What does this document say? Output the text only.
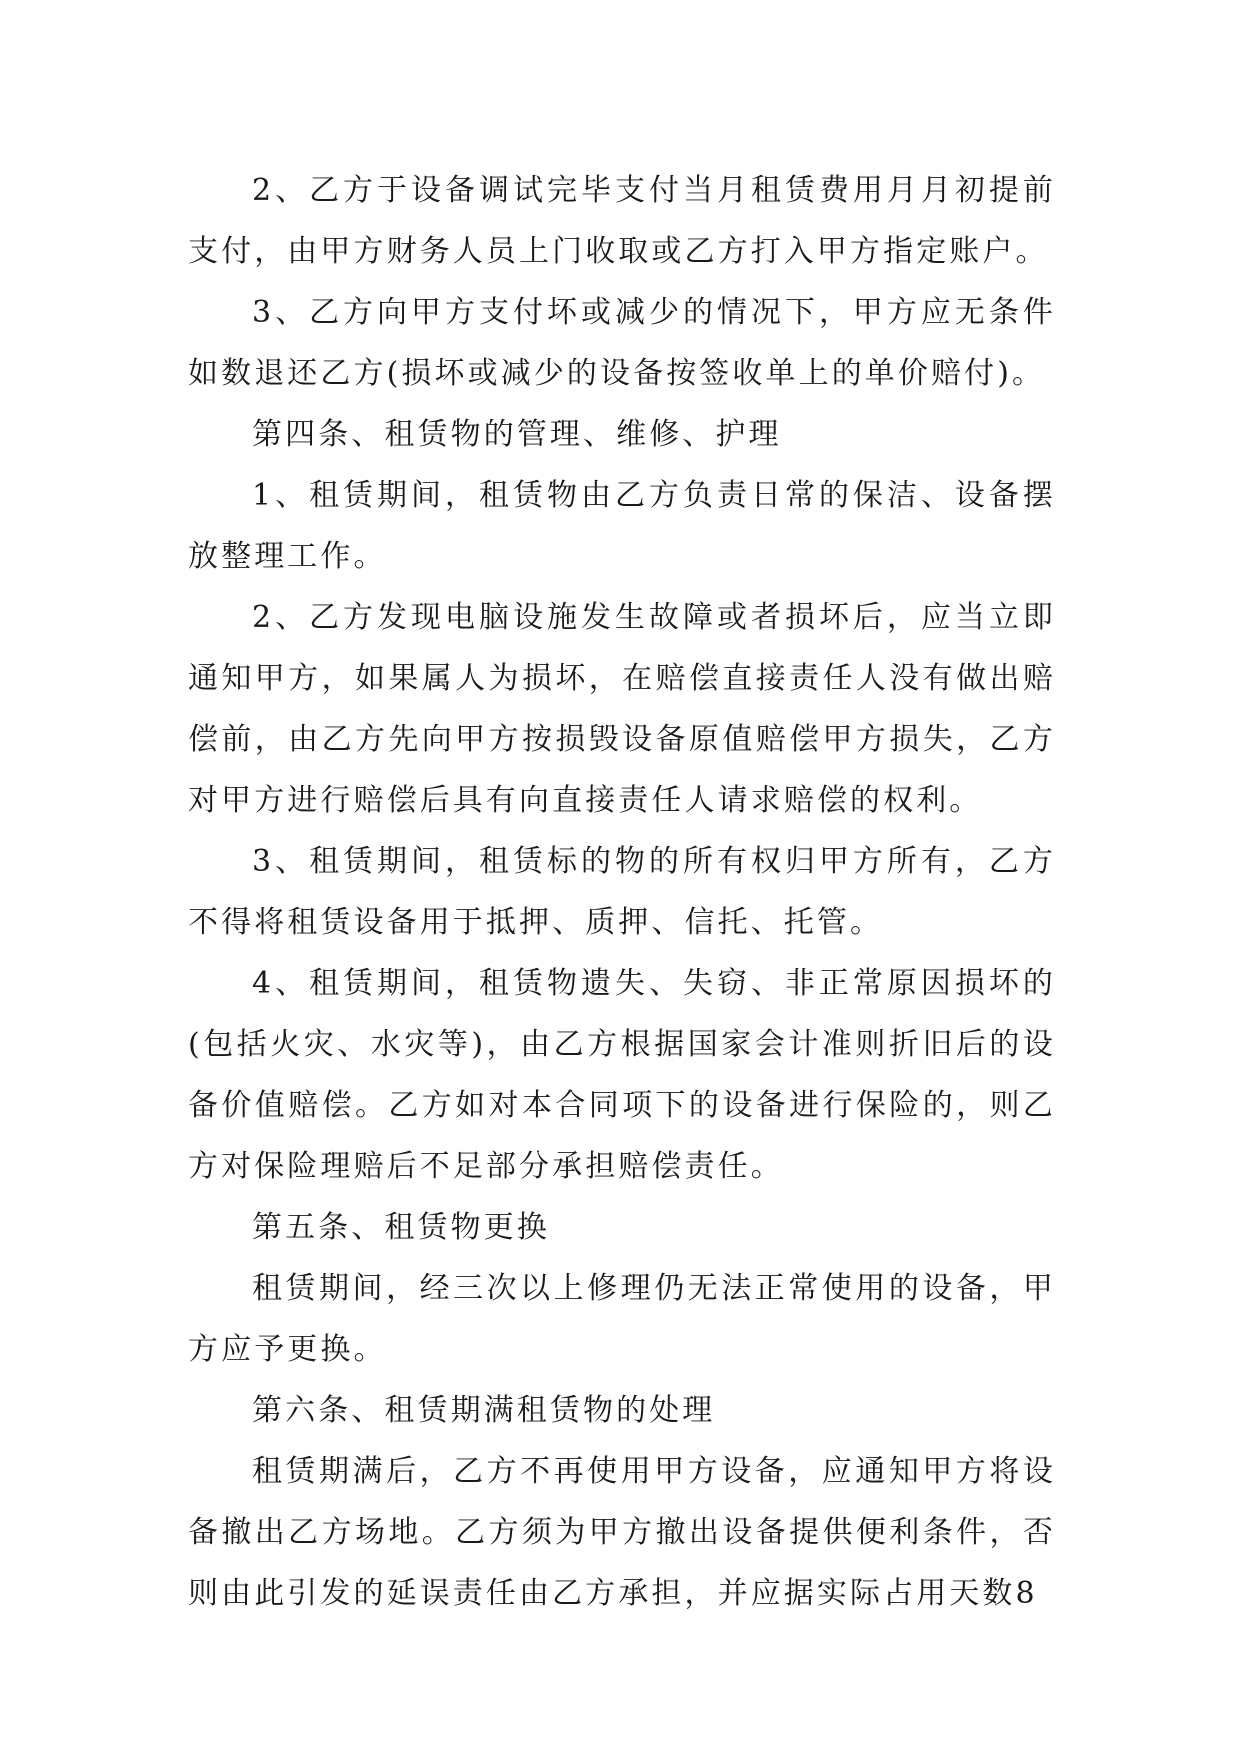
2、乙方于设备调试完毕支付当月租赁费用月月初提前支付，由甲方财务人员上门收取或乙方打入甲方指定账户。

3、乙方向甲方支付坏或减少的情况下，甲方应无条件如数退还乙方(损坏或减少的设备按签收单上的单价赔付)。

第四条、租赁物的管理、维修、护理

1、租赁期间，租赁物由乙方负责日常的保洁、设备摆放整理工作。

2、乙方发现电脑设施发生故障或者损坏后，应当立即通知甲方，如果属人为损坏，在赔偿直接责任人没有做出赔偿前，由乙方先向甲方按损毁设备原值赔偿甲方损失，乙方对甲方进行赔偿后具有向直接责任人请求赔偿的权利。

3、租赁期间，租赁标的物的所有权归甲方所有，乙方不得将租赁设备用于抵押、质押、信托、托管。

4、租赁期间，租赁物遗失、失窃、非正常原因损坏的(包括火灾、水灾等)，由乙方根据国家会计准则折旧后的设备价值赔偿。乙方如对本合同项下的设备进行保险的，则乙方对保险理赔后不足部分承担赔偿责任。

第五条、租赁物更换

租赁期间，经三次以上修理仍无法正常使用的设备，甲方应予更换。

第六条、租赁期满租赁物的处理

租赁期满后，乙方不再使用甲方设备，应通知甲方将设备撤出乙方场地。乙方须为甲方撤出设备提供便利条件，否则由此引发的延误责任由乙方承担，并应据实际占用天数8
